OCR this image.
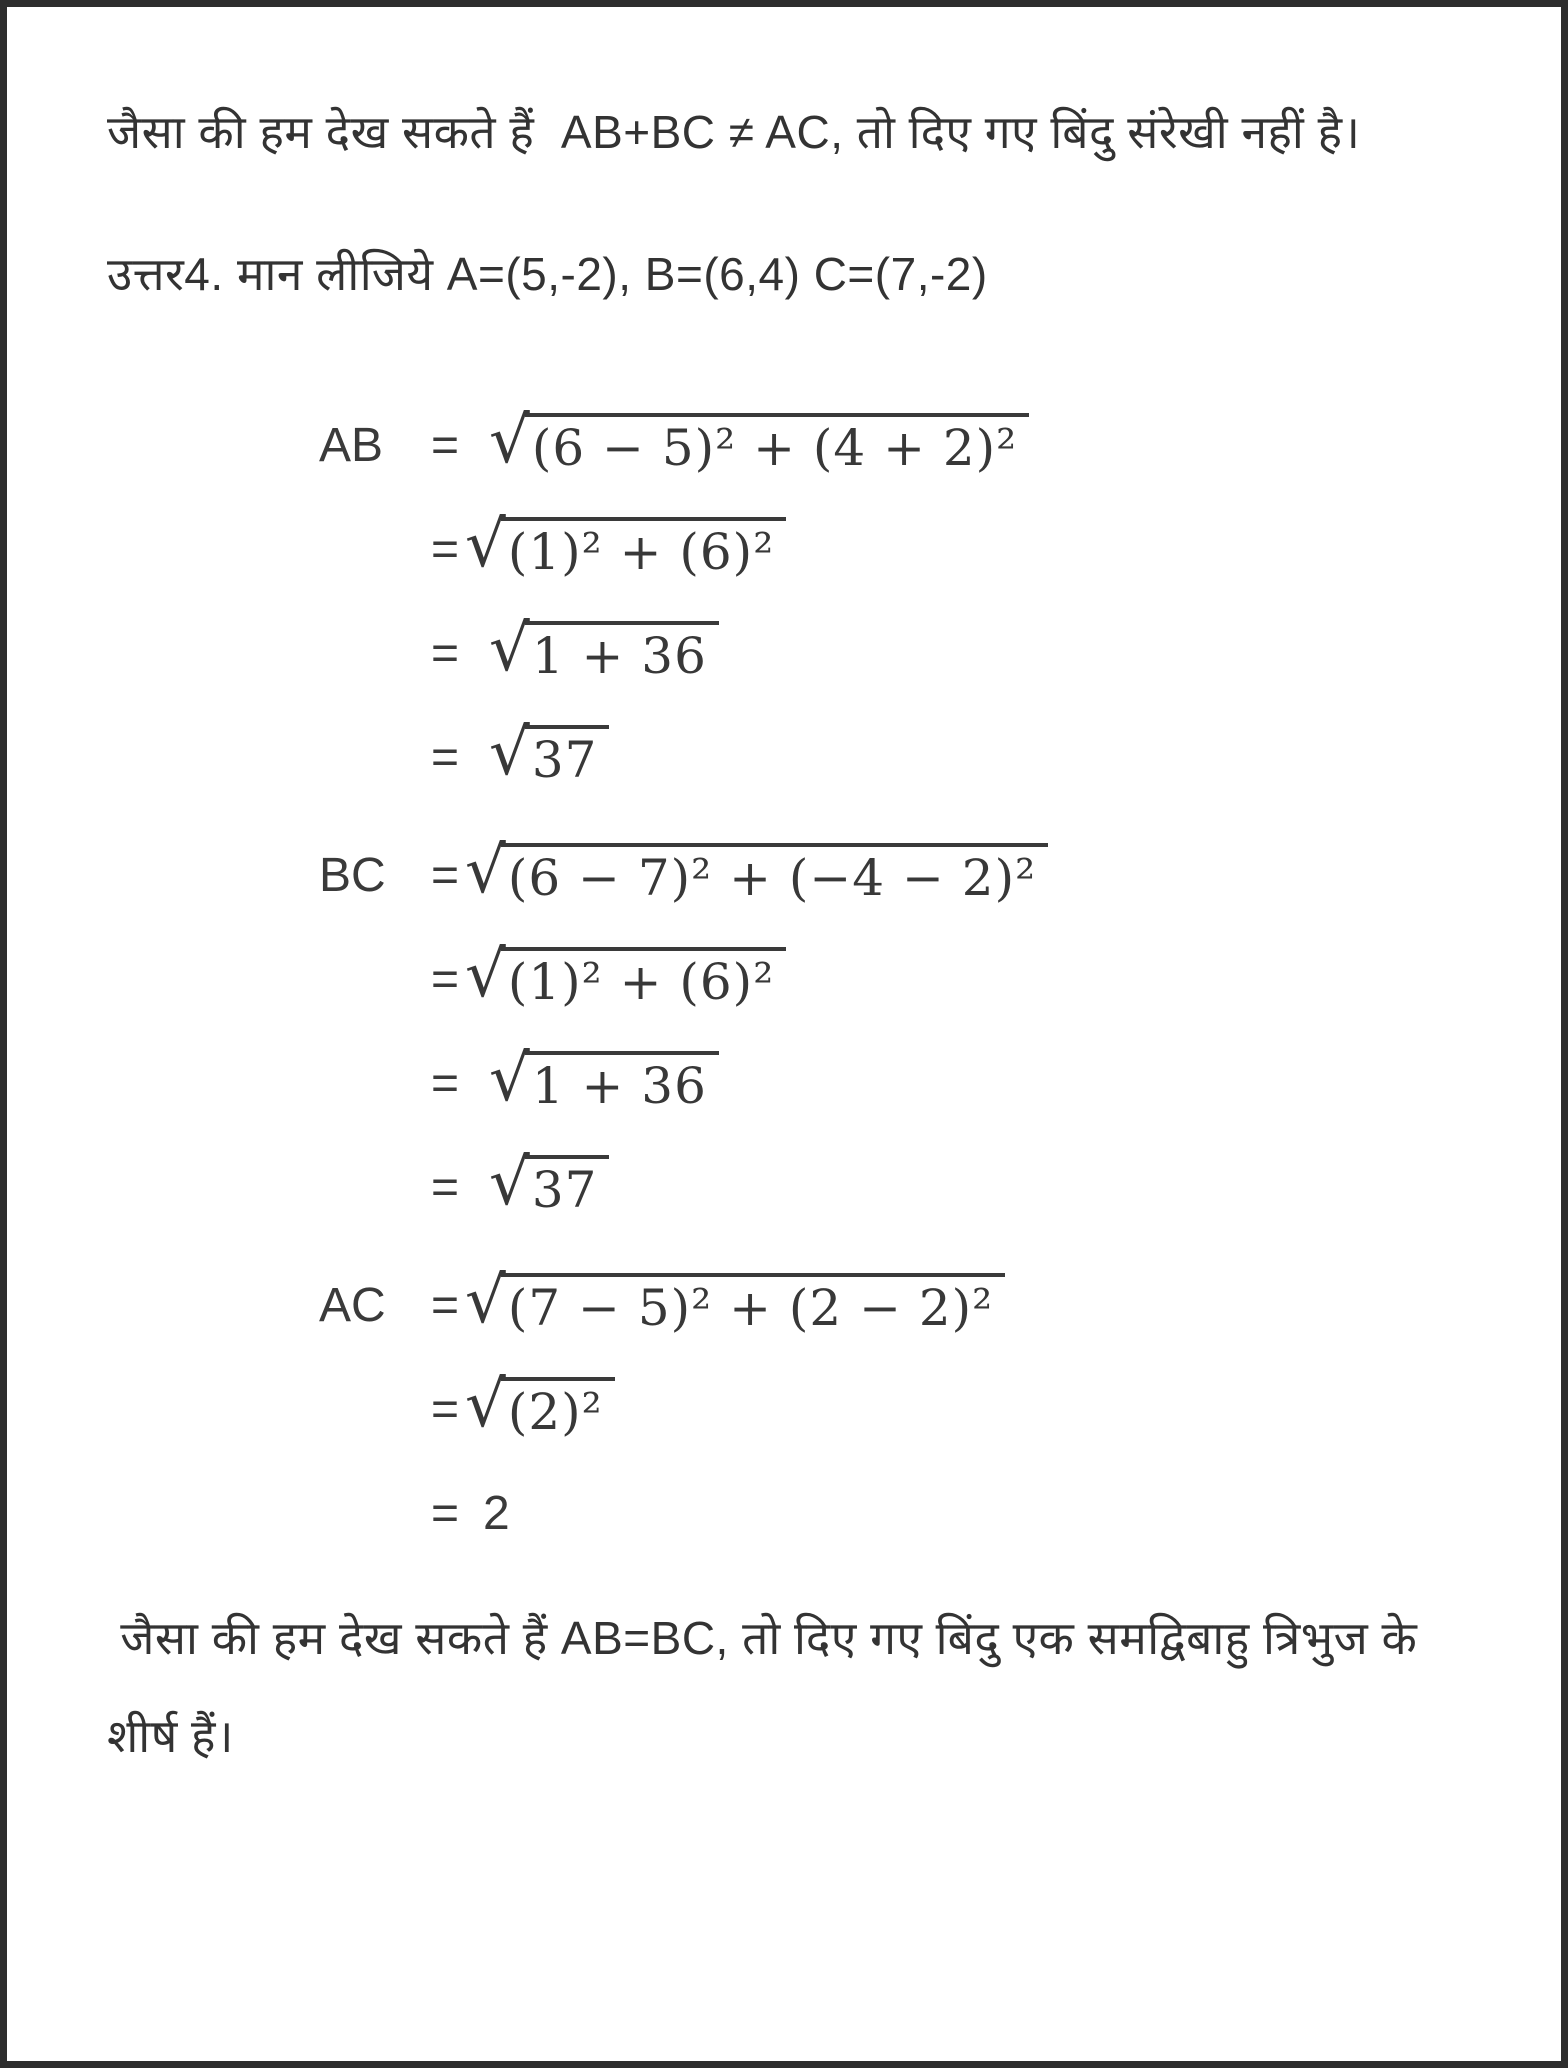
जैसा की हम देख सकते हैं  AB+BC ≠ AC, तो दिए गए बिंदु संरेखी नहीं है।

उत्तर4. मान लीजिये A=(5,-2), B=(6,4) C=(7,-2)

AB = √ (6 − 5)² + (4 + 2)²
= √ (1)² + (6)²
= √ 1 + 36
= √ 37
BC = √ (6 − 7)² + (−4 − 2)²
= √ (1)² + (6)²
= √ 1 + 36
= √ 37
AC = √ (7 − 5)² + (2 − 2)²
= √ (2)²
= 2

जैसा की हम देख सकते हैं AB=BC, तो दिए गए बिंदु एक समद्विबाहु त्रिभुज के   शीर्ष हैं।
